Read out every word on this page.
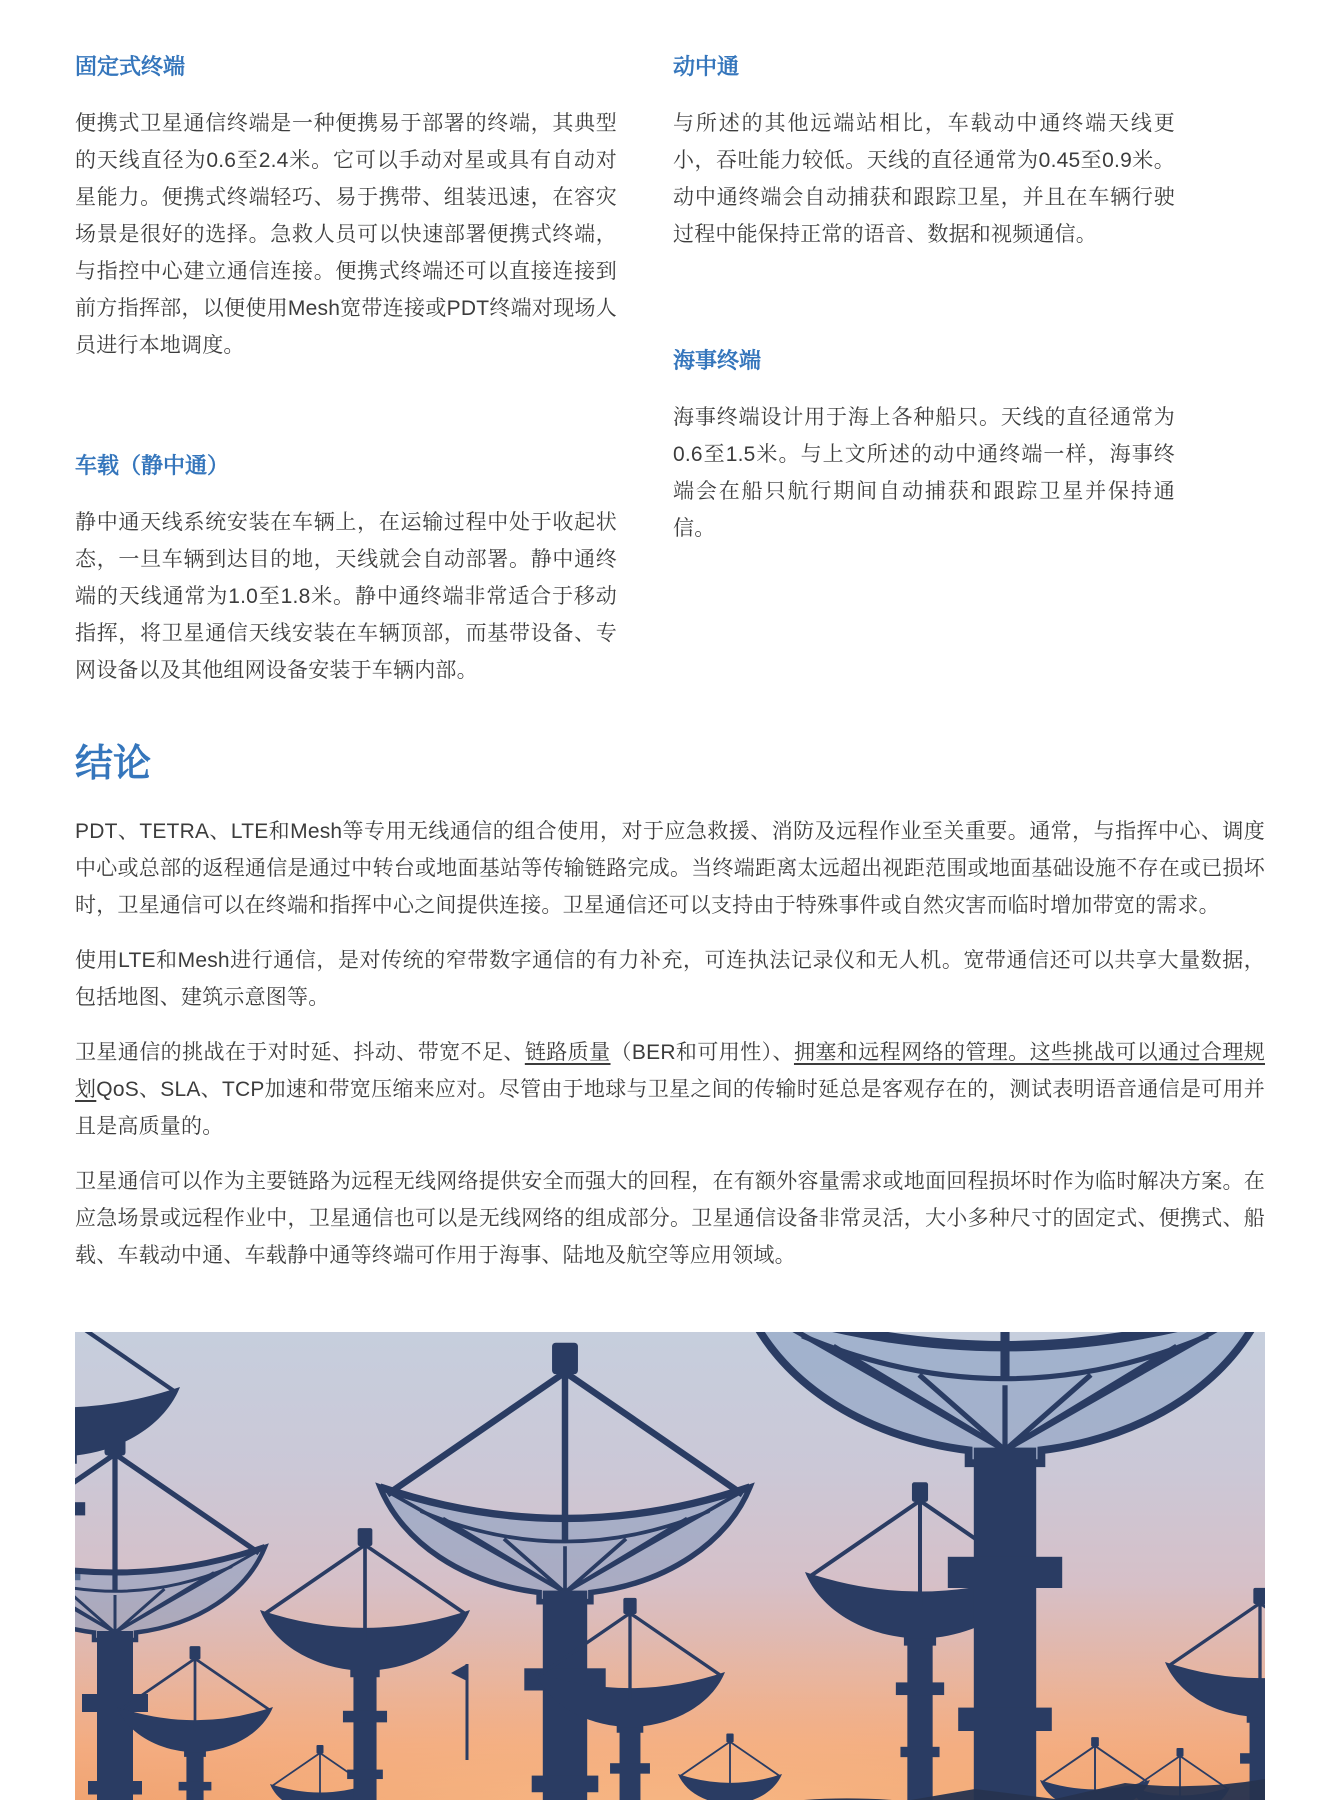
固定式终端

便携式卫星通信终端是一种便携易于部署的终端，其典型的天线直径为0.6至2.4米。它可以手动对星或具有自动对星能力。便携式终端轻巧、易于携带、组装迅速，在容灾场景是很好的选择。急救人员可以快速部署便携式终端，与指控中心建立通信连接。便携式终端还可以直接连接到前方指挥部，以便使用Mesh宽带连接或PDT终端对现场人员进行本地调度。

车载（静中通）

静中通天线系统安装在车辆上，在运输过程中处于收起状态，一旦车辆到达目的地，天线就会自动部署。静中通终端的天线通常为1.0至1.8米。静中通终端非常适合于移动指挥，将卫星通信天线安装在车辆顶部，而基带设备、专网设备以及其他组网设备安装于车辆内部。

动中通

与所述的其他远端站相比，车载动中通终端天线更小，吞吐能力较低。天线的直径通常为0.45至0.9米。动中通终端会自动捕获和跟踪卫星，并且在车辆行驶过程中能保持正常的语音、数据和视频通信。

海事终端

海事终端设计用于海上各种船只。天线的直径通常为0.6至1.5米。与上文所述的动中通终端一样，海事终端会在船只航行期间自动捕获和跟踪卫星并保持通信。

结论

PDT、TETRA、LTE和Mesh等专用无线通信的组合使用，对于应急救援、消防及远程作业至关重要。通常，与指挥中心、调度中心或总部的返程通信是通过中转台或地面基站等传输链路完成。当终端距离太远超出视距范围或地面基础设施不存在或已损坏时，卫星通信可以在终端和指挥中心之间提供连接。卫星通信还可以支持由于特殊事件或自然灾害而临时增加带宽的需求。

使用LTE和Mesh进行通信，是对传统的窄带数字通信的有力补充，可连执法记录仪和无人机。宽带通信还可以共享大量数据，包括地图、建筑示意图等。

卫星通信的挑战在于对时延、抖动、带宽不足、链路质量（BER和可用性）、拥塞和远程网络的管理。这些挑战可以通过合理规划QoS、SLA、TCP加速和带宽压缩来应对。尽管由于地球与卫星之间的传输时延总是客观存在的，测试表明语音通信是可用并且是高质量的。

卫星通信可以作为主要链路为远程无线网络提供安全而强大的回程，在有额外容量需求或地面回程损坏时作为临时解决方案。在应急场景或远程作业中，卫星通信也可以是无线网络的组成部分。卫星通信设备非常灵活，大小多种尺寸的固定式、便携式、船载、车载动中通、车载静中通等终端可作用于海事、陆地及航空等应用领域。
